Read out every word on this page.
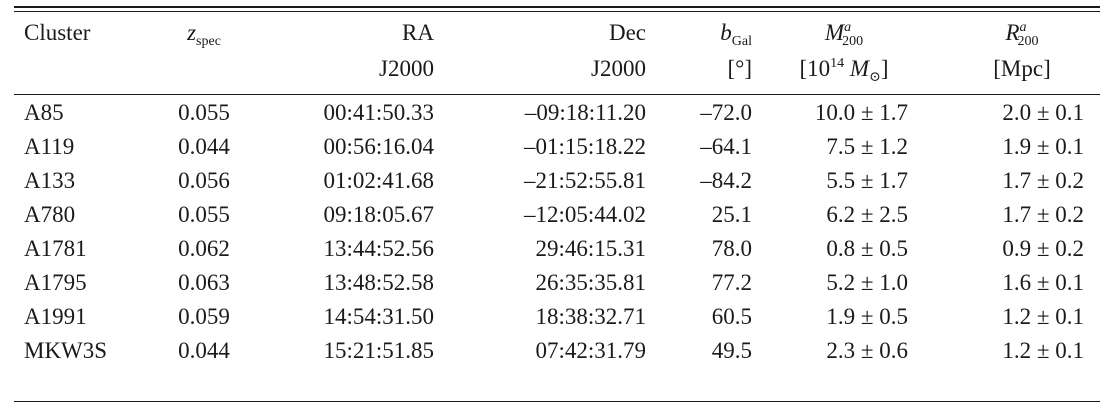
Cluster	$z_{spec}$	RA	Dec	$b_{Gal}$	$M^a_{200}$	$R^a_{200}$
		J2000	J2000	[°]	[$10^{14}$ $M_⊙$]	[Mpc]

A85	0.055	00:41:50.33	–09:18:11.20	–72.0	10.0 ± 1.7	2.0 ± 0.1
A119	0.044	00:56:16.04	–01:15:18.22	–64.1	7.5 ± 1.2	1.9 ± 0.1
A133	0.056	01:02:41.68	–21:52:55.81	–84.2	5.5 ± 1.7	1.7 ± 0.2
A780	0.055	09:18:05.67	–12:05:44.02	25.1	6.2 ± 2.5	1.7 ± 0.2
A1781	0.062	13:44:52.56	29:46:15.31	78.0	0.8 ± 0.5	0.9 ± 0.2
A1795	0.063	13:48:52.58	26:35:35.81	77.2	5.2 ± 1.0	1.6 ± 0.1
A1991	0.059	14:54:31.50	18:38:32.71	60.5	1.9 ± 0.5	1.2 ± 0.1
MKW3S	0.044	15:21:51.85	07:42:31.79	49.5	2.3 ± 0.6	1.2 ± 0.1
